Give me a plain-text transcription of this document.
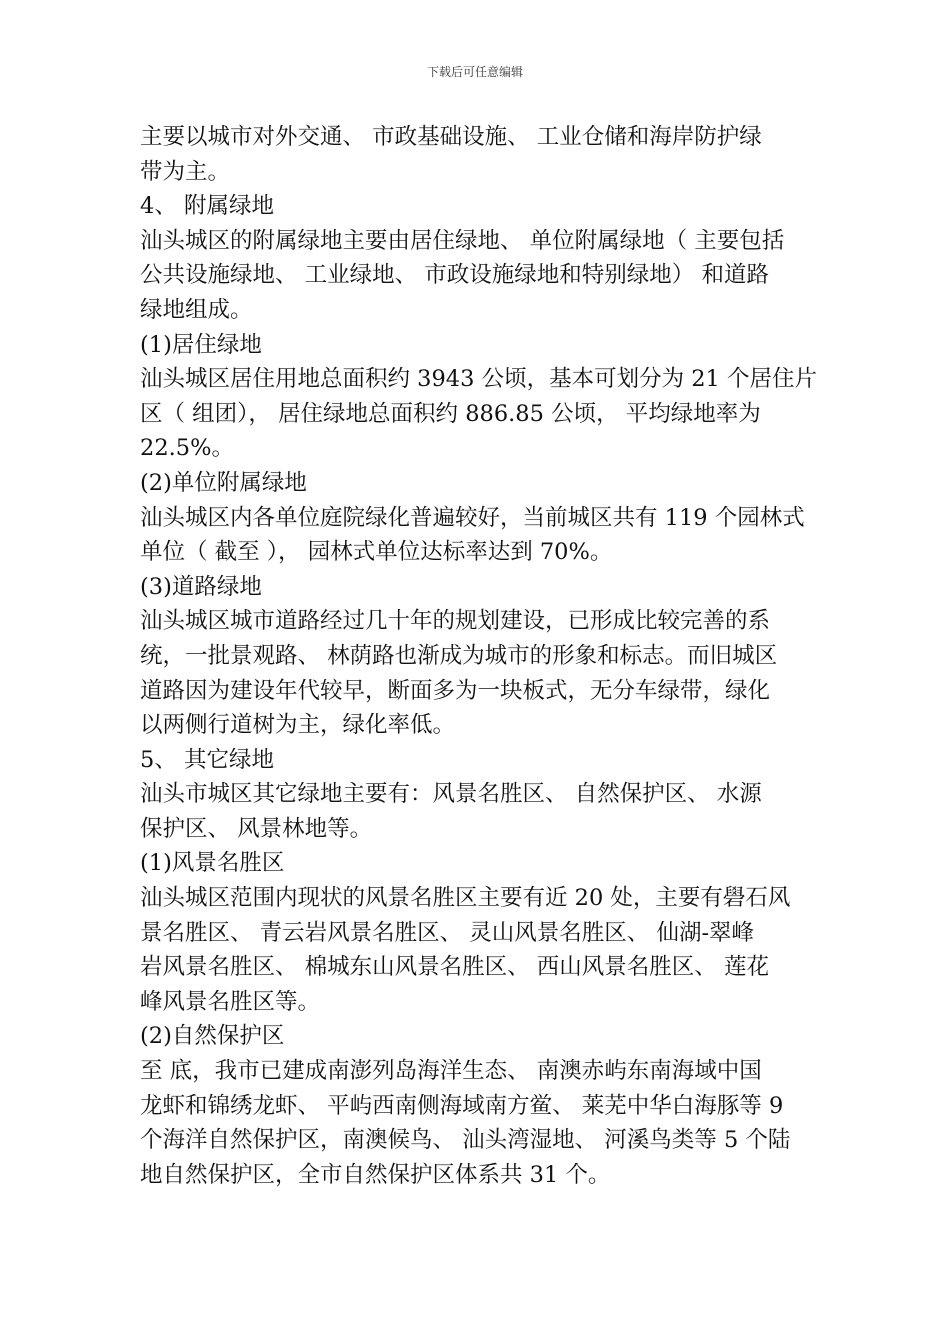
下载后可任意编辑
主要以城市对外交通、 市政基础设施、 工业仓储和海岸防护绿
带为主。
4、 附属绿地
汕头城区的附属绿地主要由居住绿地、 单位附属绿地（ 主要包括
公共设施绿地、 工业绿地、 市政设施绿地和特别绿地） 和道路
绿地组成。
(1)居住绿地
汕头城区居住用地总面积约 3943 公顷，基本可划分为 21 个居住片
区（ 组团）， 居住绿地总面积约 886.85 公顷， 平均绿地率为
22.5%。
(2)单位附属绿地
汕头城区内各单位庭院绿化普遍较好，当前城区共有 119 个园林式
单位（ 截至 ）， 园林式单位达标率达到 70%。
(3)道路绿地
汕头城区城市道路经过几十年的规划建设，已形成比较完善的系
统，一批景观路、 林荫路也渐成为城市的形象和标志。而旧城区
道路因为建设年代较早，断面多为一块板式，无分车绿带，绿化
以两侧行道树为主，绿化率低。
5、 其它绿地
汕头市城区其它绿地主要有：风景名胜区、 自然保护区、 水源
保护区、 风景林地等。
(1)风景名胜区
汕头城区范围内现状的风景名胜区主要有近 20 处，主要有礐石风
景名胜区、 青云岩风景名胜区、 灵山风景名胜区、 仙湖-翠峰
岩风景名胜区、 棉城东山风景名胜区、 西山风景名胜区、 莲花
峰风景名胜区等。
(2)自然保护区
至 底，我市已建成南澎列岛海洋生态、 南澳赤屿东南海域中国
龙虾和锦绣龙虾、 平屿西南侧海域南方鲎、 莱芜中华白海豚等 9
个海洋自然保护区，南澳候鸟、 汕头湾湿地、 河溪鸟类等 5 个陆
地自然保护区，全市自然保护区体系共 31 个。
